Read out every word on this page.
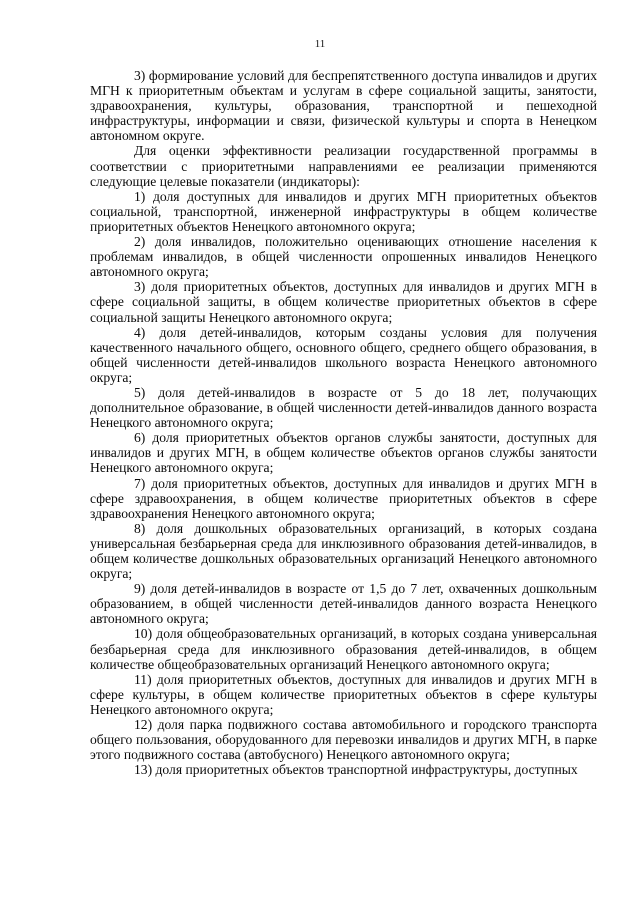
11

3) формирование условий для беспрепятственного доступа инвалидов и других МГН к приоритетным объектам и услугам в сфере социальной защиты, занятости, здравоохранения, культуры, образования, транспортной и пешеходной инфраструктуры, информации и связи, физической культуры и спорта в Ненецком автономном округе.

Для оценки эффективности реализации государственной программы в соответствии с приоритетными направлениями ее реализации применяются следующие целевые показатели (индикаторы):

1) доля доступных для инвалидов и других МГН приоритетных объектов социальной, транспортной, инженерной инфраструктуры в общем количестве приоритетных объектов Ненецкого автономного округа;

2) доля инвалидов, положительно оценивающих отношение населения к проблемам инвалидов, в общей численности опрошенных инвалидов Ненецкого автономного округа;

3) доля приоритетных объектов, доступных для инвалидов и других МГН в сфере социальной защиты, в общем количестве приоритетных объектов в сфере социальной защиты Ненецкого автономного округа;

4) доля детей-инвалидов, которым созданы условия для получения качественного начального общего, основного общего, среднего общего образования, в общей численности детей-инвалидов школьного возраста Ненецкого автономного округа;

5) доля детей-инвалидов в возрасте от 5 до 18 лет, получающих дополнительное образование, в общей численности детей-инвалидов данного возраста Ненецкого автономного округа;

6) доля приоритетных объектов органов службы занятости, доступных для инвалидов и других МГН, в общем количестве объектов органов службы занятости Ненецкого автономного округа;

7) доля приоритетных объектов, доступных для инвалидов и других МГН в сфере здравоохранения, в общем количестве приоритетных объектов в сфере здравоохранения Ненецкого автономного округа;

8) доля дошкольных образовательных организаций, в которых создана универсальная безбарьерная среда для инклюзивного образования детей-инвалидов, в общем количестве дошкольных образовательных организаций Ненецкого автономного округа;

9) доля детей-инвалидов в возрасте от 1,5 до 7 лет, охваченных дошкольным образованием, в общей численности детей-инвалидов данного возраста Ненецкого автономного округа;

10) доля общеобразовательных организаций, в которых создана универсальная безбарьерная среда для инклюзивного образования детей-инвалидов, в общем количестве общеобразовательных организаций Ненецкого автономного округа;

11) доля приоритетных объектов, доступных для инвалидов и других МГН в сфере культуры, в общем количестве приоритетных объектов в сфере культуры Ненецкого автономного округа;

12) доля парка подвижного состава автомобильного и городского транспорта общего пользования, оборудованного для перевозки инвалидов и других МГН, в парке этого подвижного состава (автобусного) Ненецкого автономного округа;

13) доля приоритетных объектов транспортной инфраструктуры, доступных
